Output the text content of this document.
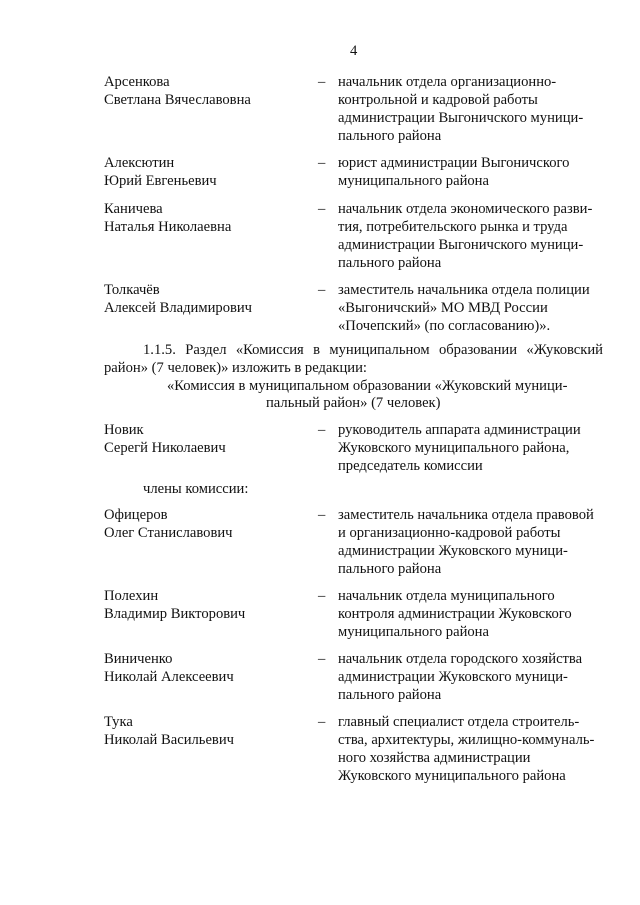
4
Арсенкова
Светлана Вячеславовна
– начальник отдела организационно-
контрольной и кадровой работы
администрации Выгоничского муници-
пального района
Алексютин
Юрий Евгеньевич
– юрист администрации Выгоничского
муниципального района
Каничева
Наталья Николаевна
– начальник отдела экономического разви-
тия, потребительского рынка и труда
администрации Выгоничского муници-
пального района
Толкачёв
Алексей Владимирович
– заместитель начальника отдела полиции
«Выгоничский» МО МВД России
«Почепский» (по согласованию)».
1.1.5. Раздел «Комиссия в муниципальном образовании «Жуковский
район» (7 человек)» изложить в редакции:
«Комиссия в муниципальном образовании «Жуковский муници-
пальный район» (7 человек)
Новик
Серегй Николаевич
– руководитель аппарата администрации
Жуковского муниципального района,
председатель комиссии
члены комиссии:
Офицеров
Олег Станиславович
– заместитель начальника отдела правовой
и организационно-кадровой работы
администрации Жуковского муници-
пального района
Полехин
Владимир Викторович
– начальник отдела муниципального
контроля администрации Жуковского
муниципального района
Виниченко
Николай Алексеевич
– начальник отдела городского хозяйства
администрации Жуковского муници-
пального района
Тука
Николай Васильевич
– главный специалист отдела строитель-
ства, архитектуры, жилищно-коммуналь-
ного хозяйства администрации
Жуковского муниципального района
